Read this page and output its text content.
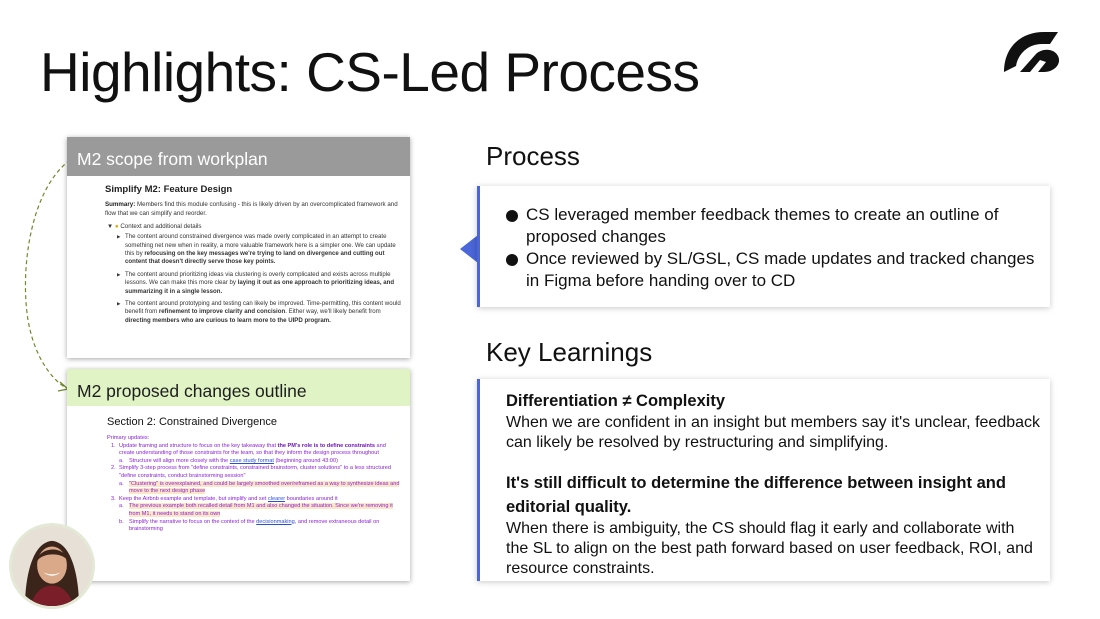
Highlights: CS-Led Process
M2 scope from workplan
Simplify M2: Feature Design
Summary: Members find this module confusing - this is likely driven by an overcomplicated framework and flow that we can simplify and reorder.
▼ ● Context and additional details
▶ The content around constrained divergence was made overly complicated in an attempt to create something net new when in reality, a more valuable framework here is a simpler one. We can update this by refocusing on the key messages we're trying to land on divergence and cutting out content that doesn't directly serve those key points.
▶ The content around prioritizing ideas via clustering is overly complicated and exists across multiple lessons. We can make this more clear by laying it out as one approach to prioritizing ideas, and summarizing it in a single lesson.
▶ The content around prototyping and testing can likely be improved. Time-permitting, this content would benefit from refinement to improve clarity and concision. Either way, we'll likely benefit from directing members who are curious to learn more to the UIPD program.
M2 proposed changes outline
Section 2: Constrained Divergence
Primary updates:
1. Update framing and structure to focus on the key takeaway that the PM's role is to define constraints and create understanding of those constraints for the team, so that they inform the design process throughout
a. Structure will align more closely with the case study format (beginning around 43:00)
2. Simplify 3-step process from "define constraints, constrained brainstorm, cluster solutions" to a less structured "define constraints, conduct brainstorming session"
a. "Clustering" is overexplained, and could be largely smoothed over/reframed as a way to synthesize ideas and move to the next design phase
3. Keep the Airbnb example and template, but simplify and set clearer boundaries around it
a. The previous example both recalled detail from M1 and also changed the situation. Since we're removing it from M1, it needs to stand on its own
b. Simplify the narrative to focus on the context of the decisionmaking, and remove extraneous detail on brainstorming
Process
CS leveraged member feedback themes to create an outline of proposed changes
Once reviewed by SL/GSL, CS made updates and tracked changes in Figma before handing over to CD
Key Learnings
Differentiation ≠ Complexity
When we are confident in an insight but members say it's unclear, feedback can likely be resolved by restructuring and simplifying.
It's still difficult to determine the difference between insight and editorial quality.
When there is ambiguity, the CS should flag it early and collaborate with the SL to align on the best path forward based on user feedback, ROI, and resource constraints.
